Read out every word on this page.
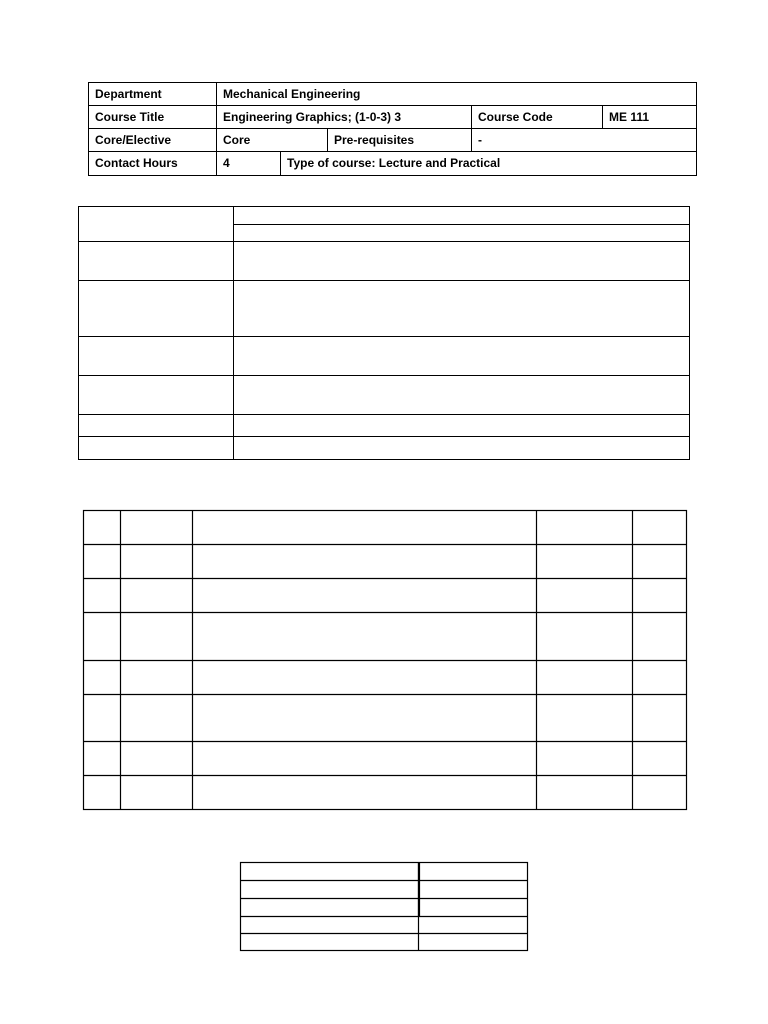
Department	Mechanical Engineering
Course Title	Engineering Graphics; (1-0-3) 3	Course Code	ME 111
Core/Elective	Core	Pre-requisites	-
Contact Hours	4	Type of course: Lecture and Practical
